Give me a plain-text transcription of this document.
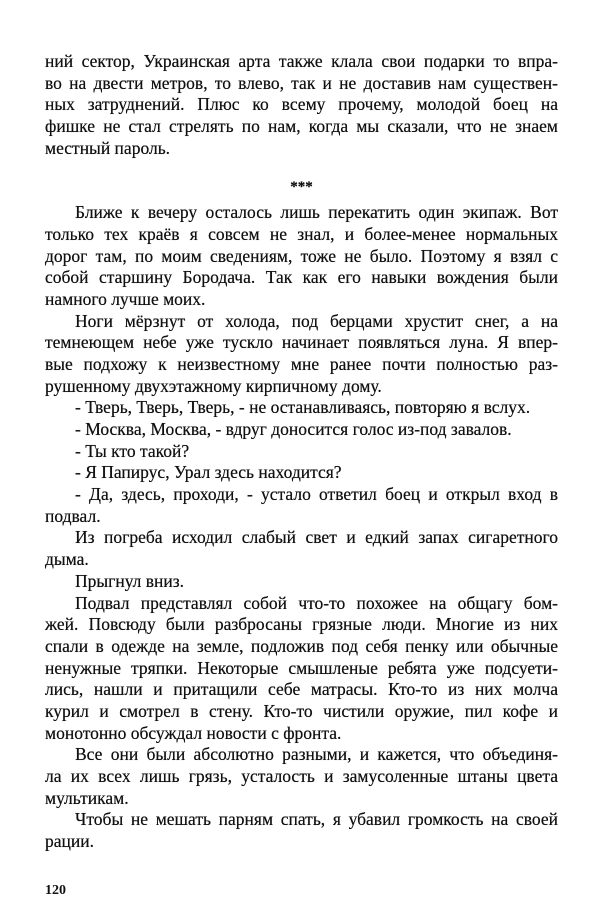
ний сектор, Украинская арта также клала свои подарки то впра-
во на двести метров, то влево, так и не доставив нам существен-
ных затруднений. Плюс ко всему прочему, молодой боец на
фишке не стал стрелять по нам, когда мы сказали, что не знаем
местный пароль.
***
Ближе к вечеру осталось лишь перекатить один экипаж. Вот
только тех краёв я совсем не знал, и более-менее нормальных
дорог там, по моим сведениям, тоже не было. Поэтому я взял с
собой старшину Бородача. Так как его навыки вождения были
намного лучше моих.
Ноги мёрзнут от холода, под берцами хрустит снег, а на
темнеющем небе уже тускло начинает появляться луна. Я впер-
вые подхожу к неизвестному мне ранее почти полностью раз-
рушенному двухэтажному кирпичному дому.
- Тверь, Тверь, Тверь, - не останавливаясь, повторяю я вслух.
- Москва, Москва, - вдруг доносится голос из-под завалов.
- Ты кто такой?
- Я Папирус, Урал здесь находится?
- Да, здесь, проходи, - устало ответил боец и открыл вход в
подвал.
Из погреба исходил слабый свет и едкий запах сигаретного
дыма.
Прыгнул вниз.
Подвал представлял собой что-то похожее на общагу бом-
жей. Повсюду были разбросаны грязные люди. Многие из них
спали в одежде на земле, подложив под себя пенку или обычные
ненужные тряпки. Некоторые смышленые ребята уже подсуети-
лись, нашли и притащили себе матрасы. Кто-то из них молча
курил и смотрел в стену. Кто-то чистили оружие, пил кофе и
монотонно обсуждал новости с фронта.
Все они были абсолютно разными, и кажется, что объединя-
ла их всех лишь грязь, усталость и замусоленные штаны цвета
мультикам.
Чтобы не мешать парням спать, я убавил громкость на своей
рации.
120
